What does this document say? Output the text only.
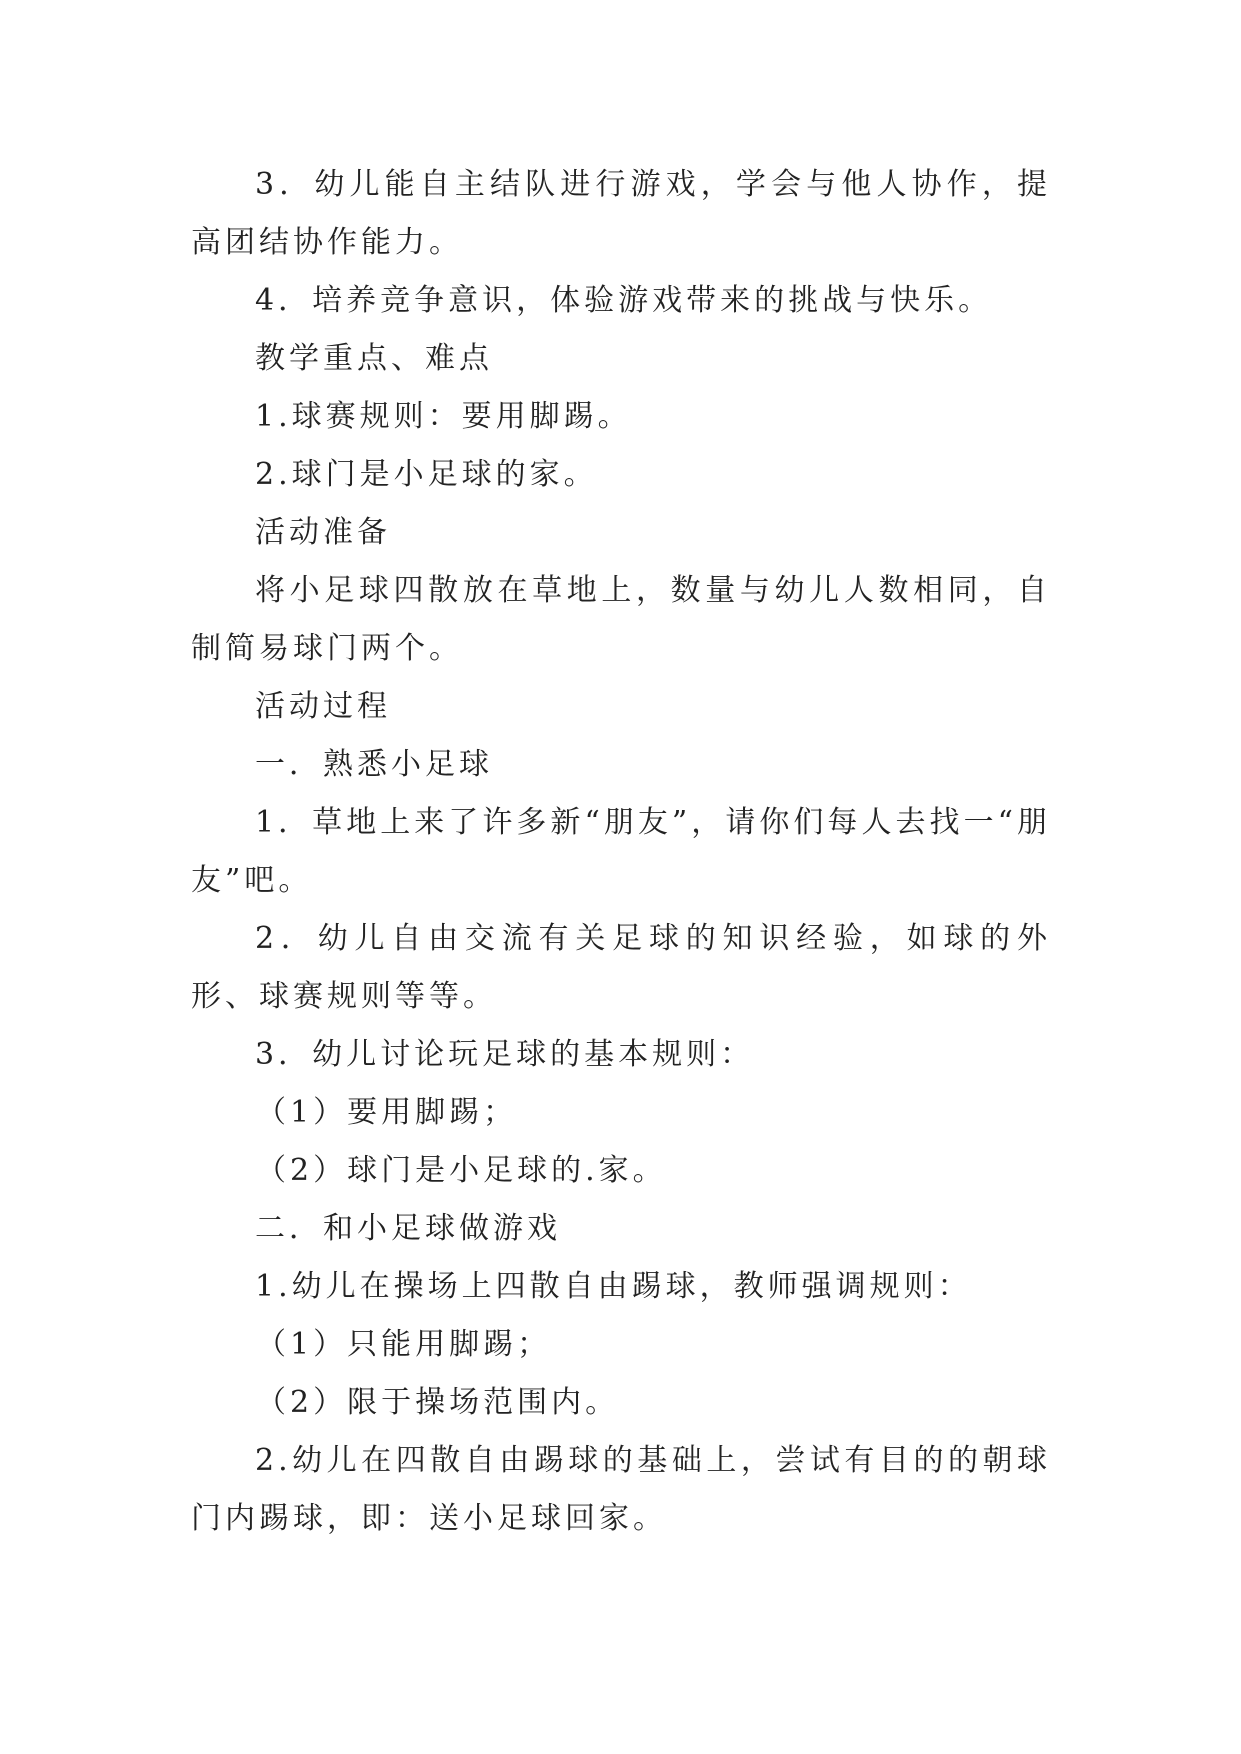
3．幼儿能自主结队进行游戏，学会与他人协作，提高团结协作能力。

4．培养竞争意识，体验游戏带来的挑战与快乐。

教学重点、难点

1.球赛规则：要用脚踢。

2.球门是小足球的家。

活动准备

将小足球四散放在草地上，数量与幼儿人数相同，自制简易球门两个。

活动过程

一．熟悉小足球

1．草地上来了许多新“朋友”，请你们每人去找一“朋友”吧。

2．幼儿自由交流有关足球的知识经验，如球的外形、球赛规则等等。

3．幼儿讨论玩足球的基本规则：

（1）要用脚踢；

（2）球门是小足球的.家。

二．和小足球做游戏

1.幼儿在操场上四散自由踢球，教师强调规则：

（1）只能用脚踢；

（2）限于操场范围内。

2.幼儿在四散自由踢球的基础上，尝试有目的的朝球门内踢球，即：送小足球回家。
